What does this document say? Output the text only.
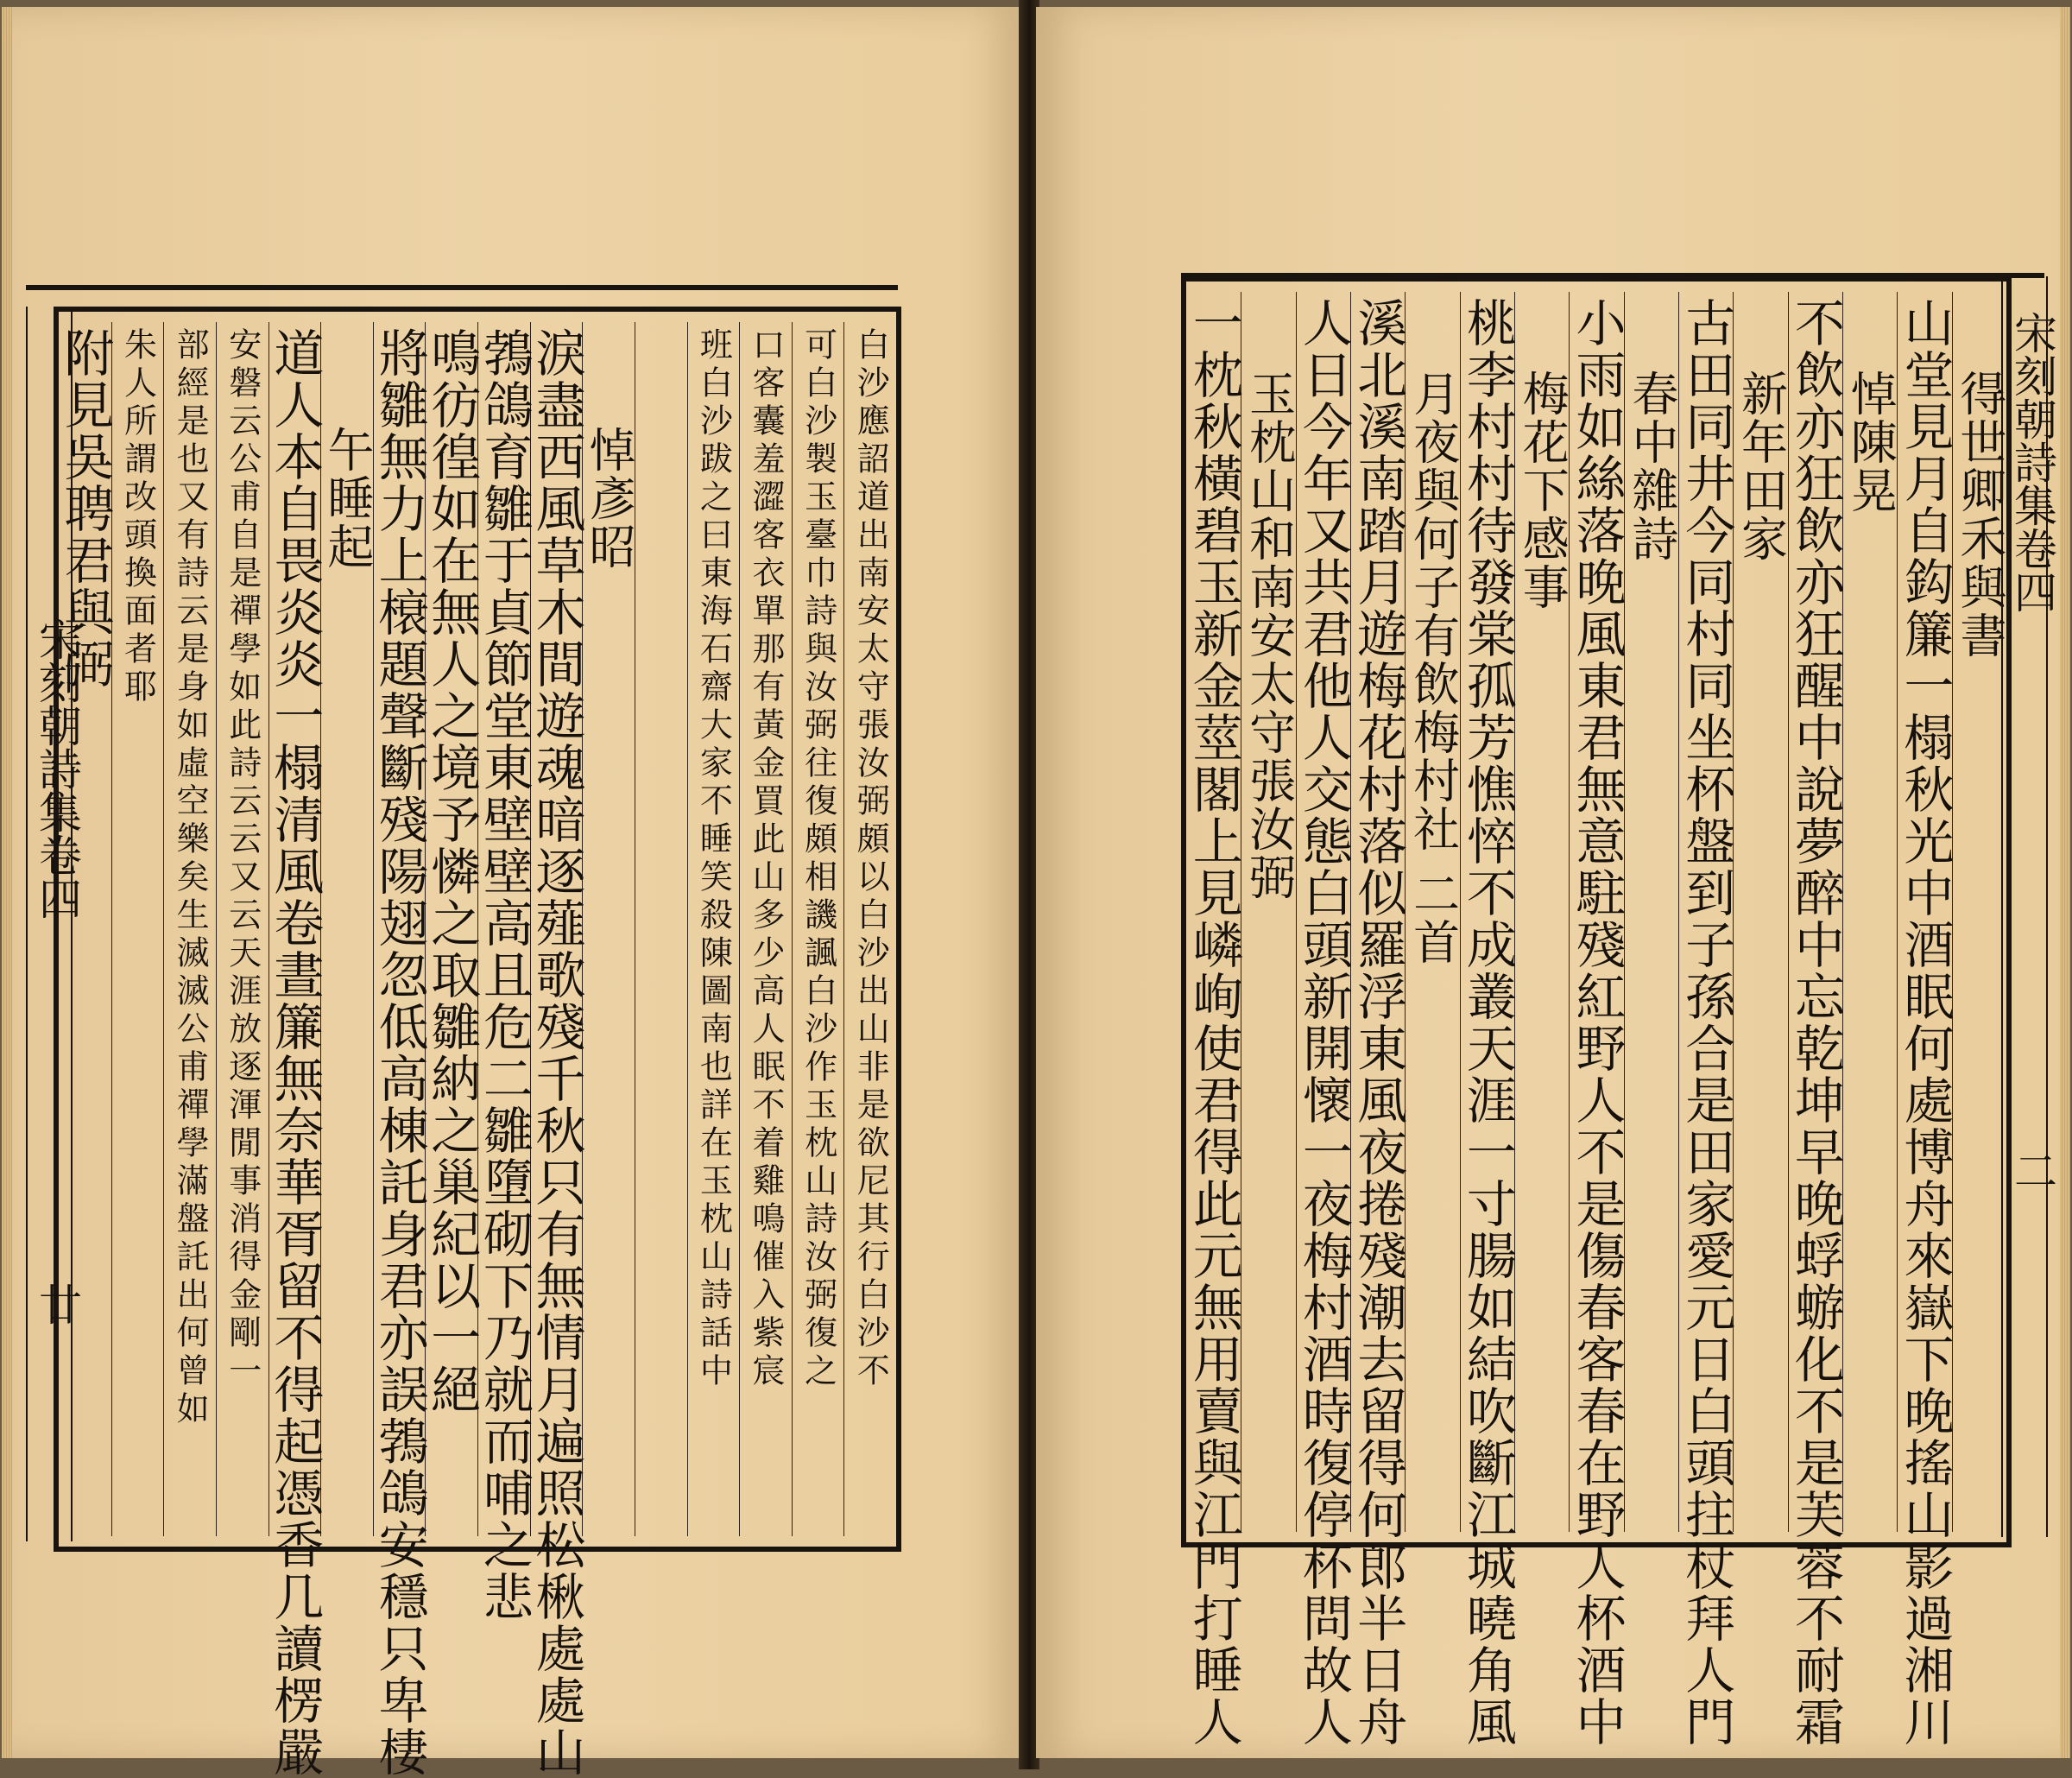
白沙應詔道出南安太守張汝弼頗以白沙出山非是欲尼其行白沙不
可白沙製玉臺巾詩與汝弼往復頗相譏諷白沙作玉枕山詩汝弼復之
口客囊羞澀客衣單那有黃金買此山多少高人眠不着雞鳴催入紫宸
班白沙跋之曰東海石齋大家不睡笑殺陳圖南也詳在玉枕山詩話中
悼彥昭
淚盡西風草木間遊魂暗逐薤歌殘千秋只有無情月遍照松楸處處山
鵓鴿育雛于貞節堂東壁壁高且危二雛墮砌下乃就而哺之悲
鳴彷徨如在無人之境予憐之取雛納之巢紀以一絕
將雛無力上榱題聲斷殘陽翅忽低高棟託身君亦誤鵓鴿安穩只卑棲
午睡起
道人本自畏炎炎一榻清風卷晝簾無奈華胥留不得起憑香几讀楞嚴
安磐云公甫自是禪學如此詩云云又云天涯放逐渾閒事消得金剛一
部經是也又有詩云是身如虛空樂矣生滅滅公甫禪學滿盤託出何曾如
朱人所謂改頭換面者耶
附見吳聘君與弼
宋刻朝詩集卷四
廿
得世卿禾與書
山堂見月自鈎簾一榻秋光中酒眠何處博舟來嶽下晚搖山影過湘川
悼陳晃
不飲亦狂飲亦狂醒中說夢醉中忘乾坤早晚蜉蝣化不是芙蓉不耐霜
新年田家
古田同井今同村同坐杯盤到子孫合是田家愛元日白頭拄杖拜人門
春中雜詩
小雨如絲落晚風東君無意駐殘紅野人不是傷春客春在野人杯酒中
梅花下感事
桃李村村待發棠孤芳憔悴不成叢天涯一寸腸如結吹斷江城曉角風
月夜與何子有飲梅村社 二首
溪北溪南踏月遊梅花村落似羅浮東風夜捲殘潮去留得何郎半日舟
人日今年又共君他人交態白頭新開懷一夜梅村酒時復停杯問故人
玉枕山和南安太守張汝弼
一枕秋橫碧玉新金莖閣上見嶙峋使君得此元無用賣與江門打睡人	宋刻朝詩集卷四
二
